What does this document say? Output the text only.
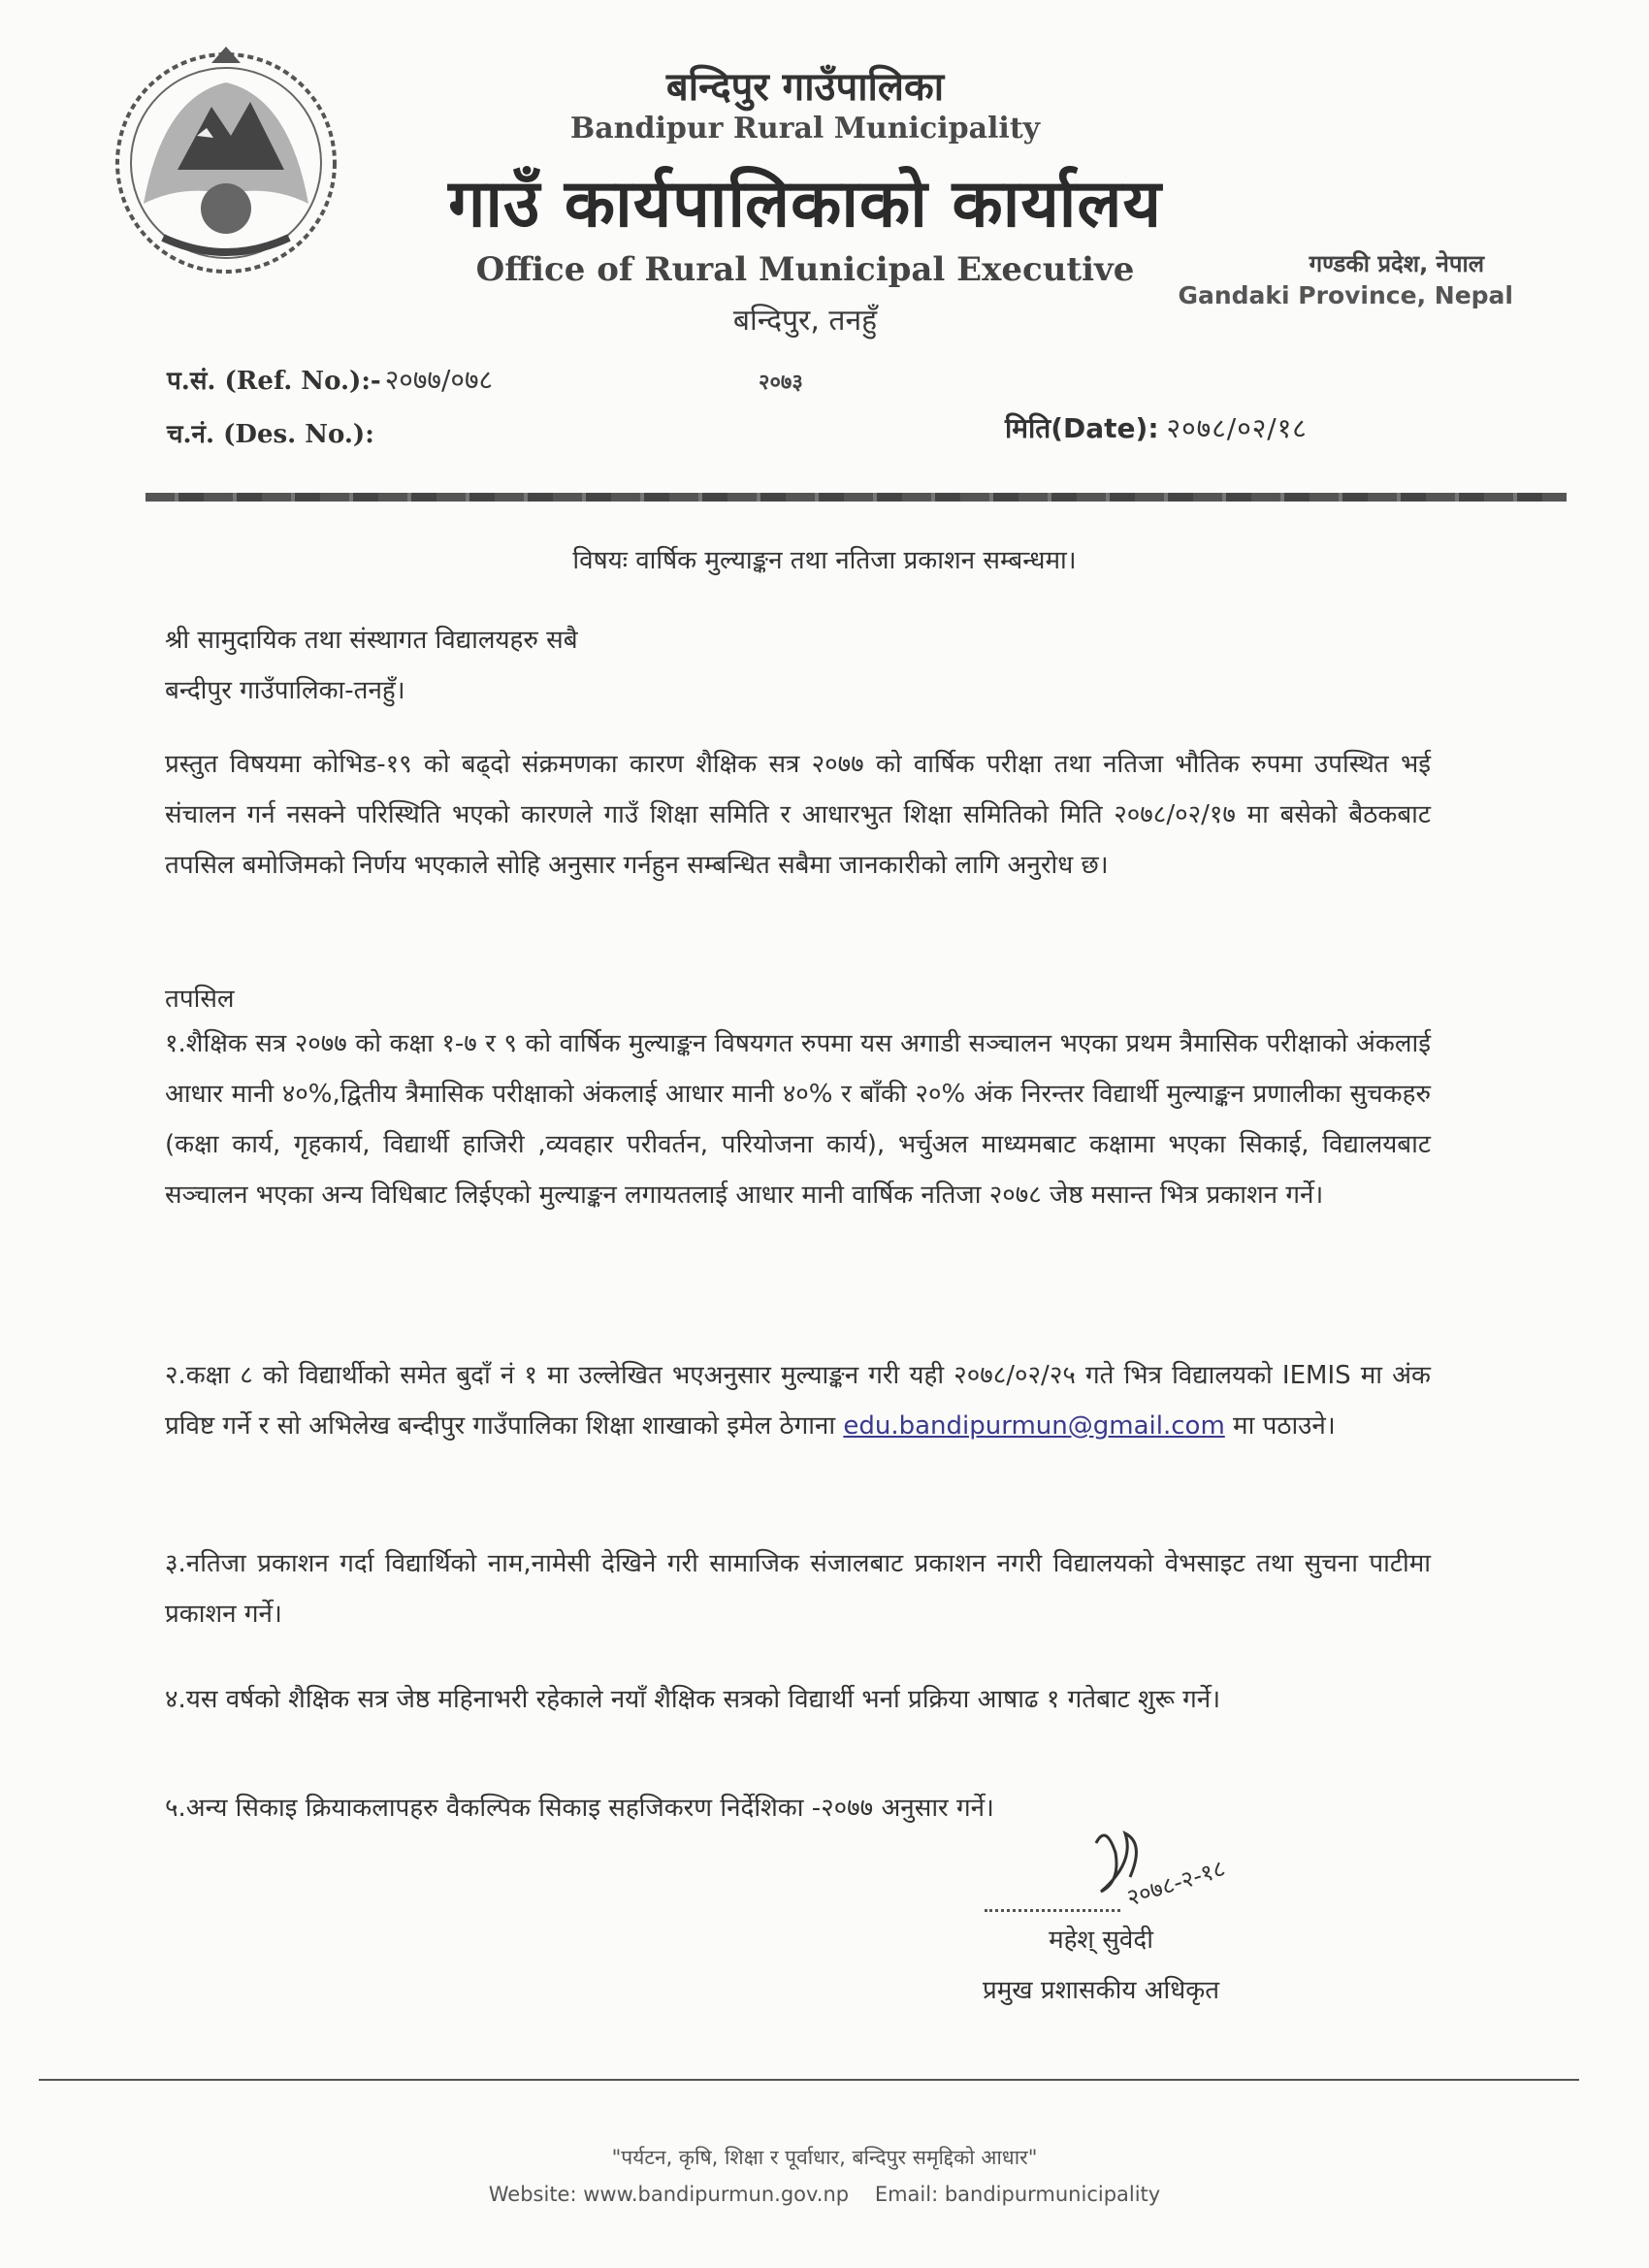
बन्दिपुर गाउँपालिका
Bandipur Rural Municipality
गाउँ कार्यपालिकाको कार्यालय
Office of Rural Municipal Executive
बन्दिपुर, तनहुँ
गण्डकी प्रदेश, नेपाल
Gandaki Province, Nepal
प.सं. (Ref. No.):- २०७७/०७८	२०७३
च.नं. (Des. No.):	मिति(Date): २०७८/०२/१८
विषयः वार्षिक मुल्याङ्कन तथा नतिजा प्रकाशन सम्बन्धमा।
श्री सामुदायिक तथा संस्थागत विद्यालयहरु सबै
बन्दीपुर गाउँपालिका-तनहुँ।
प्रस्तुत विषयमा कोभिड-१९ को बढ्दो संक्रमणका कारण शैक्षिक सत्र २०७७ को वार्षिक परीक्षा तथा नतिजा भौतिक रुपमा उपस्थित भई संचालन गर्न नसक्ने परिस्थिति भएको कारणले गाउँ शिक्षा समिति र आधारभुत शिक्षा समितिको मिति २०७८/०२/१७ मा बसेको बैठकबाट तपसिल बमोजिमको निर्णय भएकाले सोहि अनुसार गर्नहुन सम्बन्धित सबैमा जानकारीको लागि अनुरोध छ।
तपसिल
१.शैक्षिक सत्र २०७७ को कक्षा १-७ र ९ को वार्षिक मुल्याङ्कन विषयगत रुपमा यस अगाडी सञ्चालन भएका प्रथम त्रैमासिक परीक्षाको अंकलाई आधार मानी ४०%,द्वितीय त्रैमासिक परीक्षाको अंकलाई आधार मानी ४०% र बाँकी २०% अंक निरन्तर विद्यार्थी मुल्याङ्कन प्रणालीका सुचकहरु (कक्षा कार्य, गृहकार्य, विद्यार्थी हाजिरी ,व्यवहार परीवर्तन, परियोजना कार्य), भर्चुअल माध्यमबाट कक्षामा भएका सिकाई, विद्यालयबाट सञ्चालन भएका अन्य विधिबाट लिईएको मुल्याङ्कन लगायतलाई आधार मानी वार्षिक नतिजा २०७८ जेष्ठ मसान्त भित्र प्रकाशन गर्ने।
२.कक्षा ८ को विद्यार्थीको समेत बुदाँ नं १ मा उल्लेखित भएअनुसार मुल्याङ्कन गरी यही २०७८/०२/२५ गते भित्र विद्यालयको IEMIS मा अंक प्रविष्ट गर्ने र सो अभिलेख बन्दीपुर गाउँपालिका शिक्षा शाखाको इमेल ठेगाना edu.bandipurmun@gmail.com मा पठाउने।
३.नतिजा प्रकाशन गर्दा विद्यार्थिको नाम,नामेसी देखिने गरी सामाजिक संजालबाट प्रकाशन नगरी विद्यालयको वेभसाइट तथा सुचना पाटीमा प्रकाशन गर्ने।
४.यस वर्षको शैक्षिक सत्र जेष्ठ महिनाभरी रहेकाले नयाँ शैक्षिक सत्रको विद्यार्थी भर्ना प्रक्रिया आषाढ १ गतेबाट शुरू गर्ने।
५.अन्य सिकाइ क्रियाकलापहरु वैकल्पिक सिकाइ सहजिकरण निर्देशिका -२०७७ अनुसार गर्ने।
२०७८-२-१८
महेश् सुवेदी
प्रमुख प्रशासकीय अधिकृत
"पर्यटन, कृषि, शिक्षा र पूर्वाधार, बन्दिपुर समृद्दिको आधार"
Website: www.bandipurmun.gov.np Email: bandipurmunicipality
